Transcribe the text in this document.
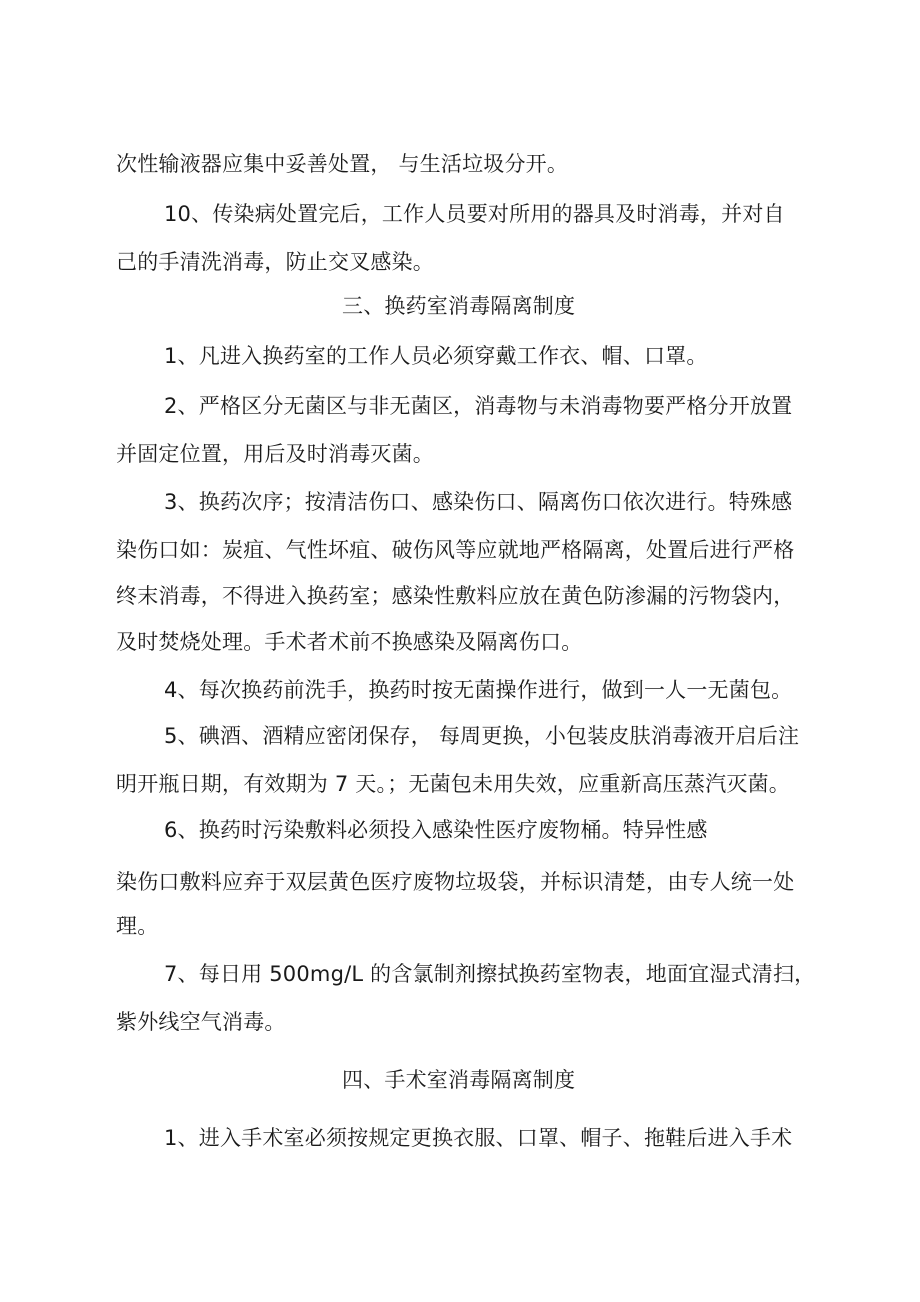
次性输液器应集中妥善处置， 与生活垃圾分开。
10、传染病处置完后，工作人员要对所用的器具及时消毒，并对自
己的手清洗消毒，防止交叉感染。
三、换药室消毒隔离制度
1、凡进入换药室的工作人员必须穿戴工作衣、帽、口罩。
2、严格区分无菌区与非无菌区，消毒物与未消毒物要严格分开放置
并固定位置，用后及时消毒灭菌。
3、换药次序；按清洁伤口、感染伤口、隔离伤口依次进行。特殊感
染伤口如：炭疽、气性坏疽、破伤风等应就地严格隔离，处置后进行严格
终末消毒，不得进入换药室；感染性敷料应放在黄色防渗漏的污物袋内，
及时焚烧处理。手术者术前不换感染及隔离伤口。
4、每次换药前洗手，换药时按无菌操作进行，做到一人一无菌包。
5、碘酒、酒精应密闭保存， 每周更换，小包装皮肤消毒液开启后注
明开瓶日期，有效期为 7 天。；无菌包未用失效，应重新高压蒸汽灭菌。
6、换药时污染敷料必须投入感染性医疗废物桶。特异性感
染伤口敷料应弃于双层黄色医疗废物垃圾袋，并标识清楚，由专人统一处
理。
7、每日用 500mg/L 的含氯制剂擦拭换药室物表，地面宜湿式清扫，
紫外线空气消毒。
四、手术室消毒隔离制度
1、进入手术室必须按规定更换衣服、口罩、帽子、拖鞋后进入手术
